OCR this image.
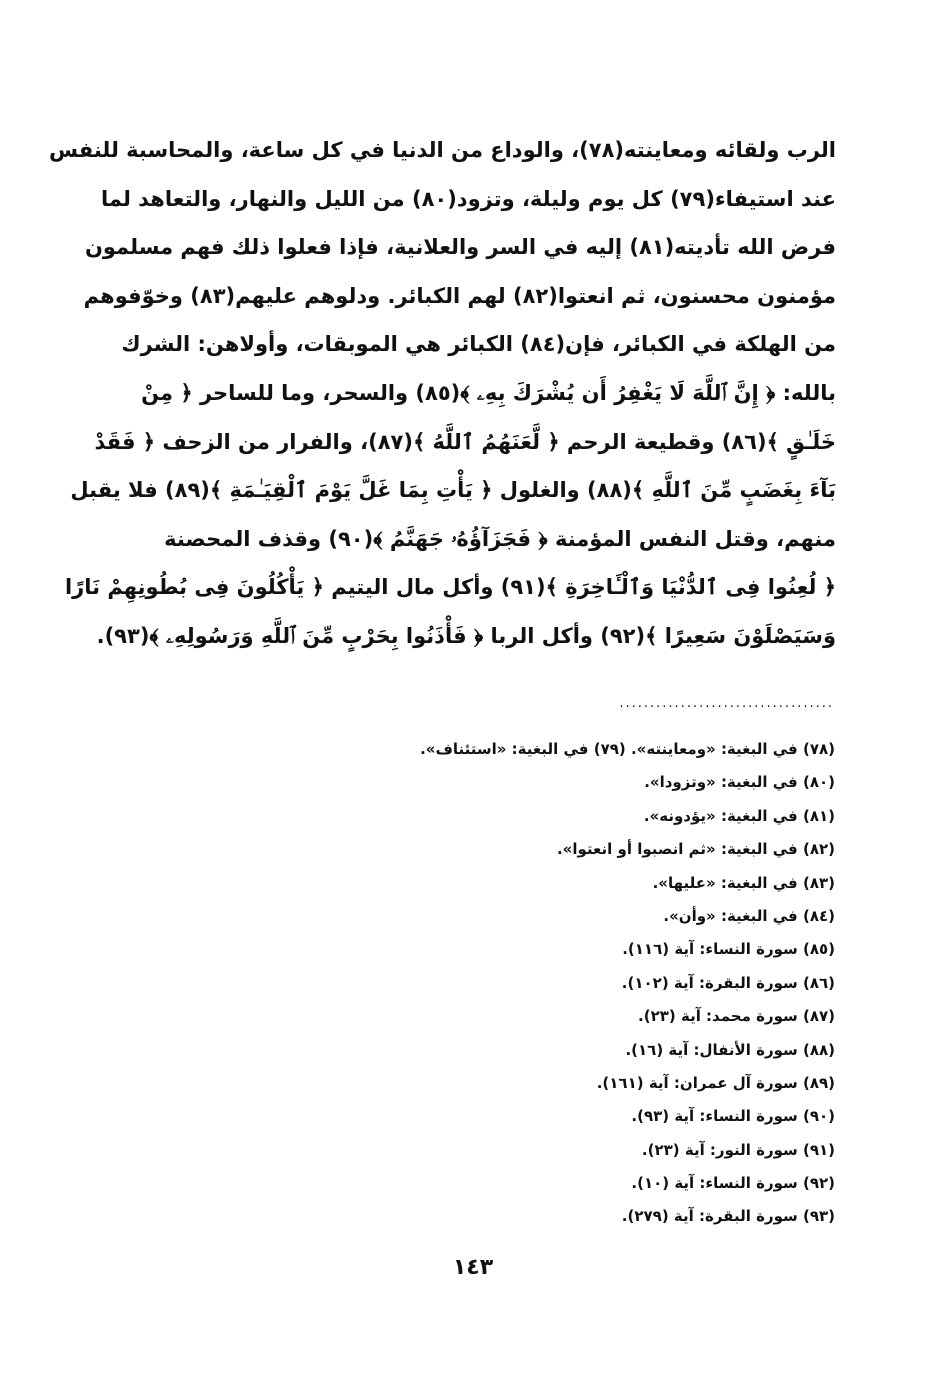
الرب ولقائه ومعاينته(٧٨)، والوداع من الدنيا في كل ساعة، والمحاسبة للنفس
عند استيفاء(٧٩) كل يوم وليلة، وتزود(٨٠) من الليل والنهار، والتعاهد لما
فرض الله تأديته(٨١) إليه في السر والعلانية، فإذا فعلوا ذلك فهم مسلمون
مؤمنون محسنون، ثم انعتوا(٨٢) لهم الكبائر. ودلوهم عليهم(٨٣) وخوّفوهم
من الهلكة في الكبائر، فإن(٨٤) الكبائر هي الموبقات، وأولاهن: الشرك
بالله: ﴿ إِنَّ ٱللَّهَ لَا يَغْفِرُ أَن يُشْرَكَ بِهِۦ ﴾(٨٥) والسحر، وما للساحر ﴿ مِنْ
خَلَـٰقٍ ﴾(٨٦) وقطيعة الرحم ﴿ لَّعَنَهُمُ ٱللَّهُ ﴾(٨٧)، والفرار من الزحف ﴿ فَقَدْ
بَآءَ بِغَضَبٍ مِّنَ ٱللَّهِ ﴾(٨٨) والغلول ﴿ يَأْتِ بِمَا غَلَّ يَوْمَ ٱلْقِيَـٰمَةِ ﴾(٨٩) فلا يقبل
منهم، وقتل النفس المؤمنة ﴿ فَجَزَآؤُهُۥ جَهَنَّمُ ﴾(٩٠) وقذف المحصنة
﴿ لُعِنُوا فِى ٱلدُّنْيَا وَٱلْـَٔاخِرَةِ ﴾(٩١) وأكل مال اليتيم ﴿ يَأْكُلُونَ فِى بُطُونِهِمْ نَارًا
وَسَيَصْلَوْنَ سَعِيرًا ﴾(٩٢) وأكل الربا ﴿ فَأْذَنُوا بِحَرْبٍ مِّنَ ٱللَّهِ وَرَسُولِهِۦ ﴾(٩٣).
...................................
(٧٨) في البغية: «ومعاينته». (٧٩) في البغية: «استئناف».
(٨٠) في البغية: «وتزودا».
(٨١) في البغية: «يؤدونه».
(٨٢) في البغية: «ثم انصبوا أو انعتوا».
(٨٣) في البغية: «عليها».
(٨٤) في البغية: «وأن».
(٨٥) سورة النساء: آية (١١٦).
(٨٦) سورة البقرة: آية (١٠٢).
(٨٧) سورة محمد: آية (٢٣).
(٨٨) سورة الأنفال: آية (١٦).
(٨٩) سورة آل عمران: آية (١٦١).
(٩٠) سورة النساء: آية (٩٣).
(٩١) سورة النور: آية (٢٣).
(٩٢) سورة النساء: آية (١٠).
(٩٣) سورة البقرة: آية (٢٧٩).
١٤٣
